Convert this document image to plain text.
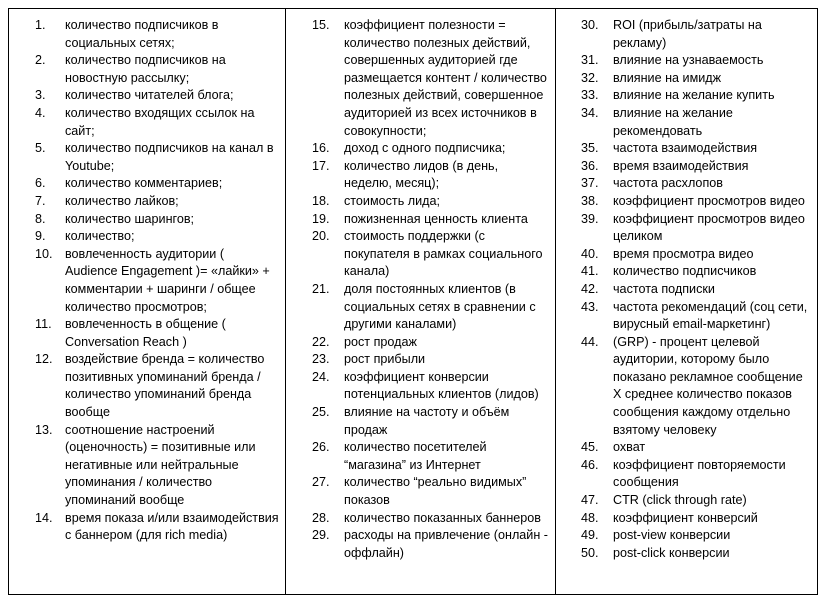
1.	количество подписчиков в социальных сетях;
2.	количество подписчиков на новостную рассылку;
3.	количество читателей блога;
4.	количество входящих ссылок на сайт;
5.	количество подписчиков на канал в Youtube;
6.	количество комментариев;
7.	количество лайков;
8.	количество шарингов;
9.	количество;
10. вовлеченность аудитории ( Audience Engagement )= «лайки» + комментарии + шаринги / общее количество просмотров;
11.	вовлеченность в общение ( Conversation Reach )
12. воздействие бренда = количество позитивных упоминаний бренда / количество упоминаний бренда вообще
13. соотношение настроений (оценочность) = позитивные или негативные или нейтральные упоминания / количество упоминаний вообще
14. время показа и/или взаимодействия с баннером (для rich media)
15.	коэффициент полезности = количество полезных действий, совершенных аудиторией где размещается контент / количество полезных действий, совершенное аудиторией из всех источников в совокупности;
16.	доход с одного подписчика;
17.	количество лидов (в день, неделю, месяц);
18.	стоимость лида;
19.	пожизненная ценность клиента
20.	стоимость поддержки (с покупателя в рамках социального канала)
21.	доля постоянных клиентов (в социальных сетях в сравнении с другими каналами)
22.	рост продаж
23.	рост прибыли
24.	коэффициент конверсии потенциальных клиентов (лидов)
25.	влияние на частоту и объём продаж
26.	количество посетителей “магазина” из Интернет
27.	количество “реально видимых” показов
28.	количество показанных баннеров
29.	расходы на привлечение (онлайн - оффлайн)
30.	ROI (прибыль/затраты на рекламу)
31.	влияние на узнаваемость
32.	влияние на имидж
33.	влияние на желание купить
34.	влияние на желание рекомендовать
35.	частота взаимодействия
36.	время взаимодействия
37.	частота расхлопов
38.	коэффициент просмотров видео
39.	коэффициент просмотров видео целиком
40.	время просмотра видео
41.	количество подписчиков
42.	частота подписки
43.	частота рекомендаций (соц сети, вирусный email-маркетинг)
44.	(GRP) - процент целевой аудитории, которому было показано рекламное сообщение Х среднее количество показов сообщения каждому отдельно взятому человеку
45.	охват
46.	коэффициент повторяемости сообщения
47.	CTR (click through rate)
48.	коэффициент конверсий
49.	post-view конверсии
50.	post-click конверсии
